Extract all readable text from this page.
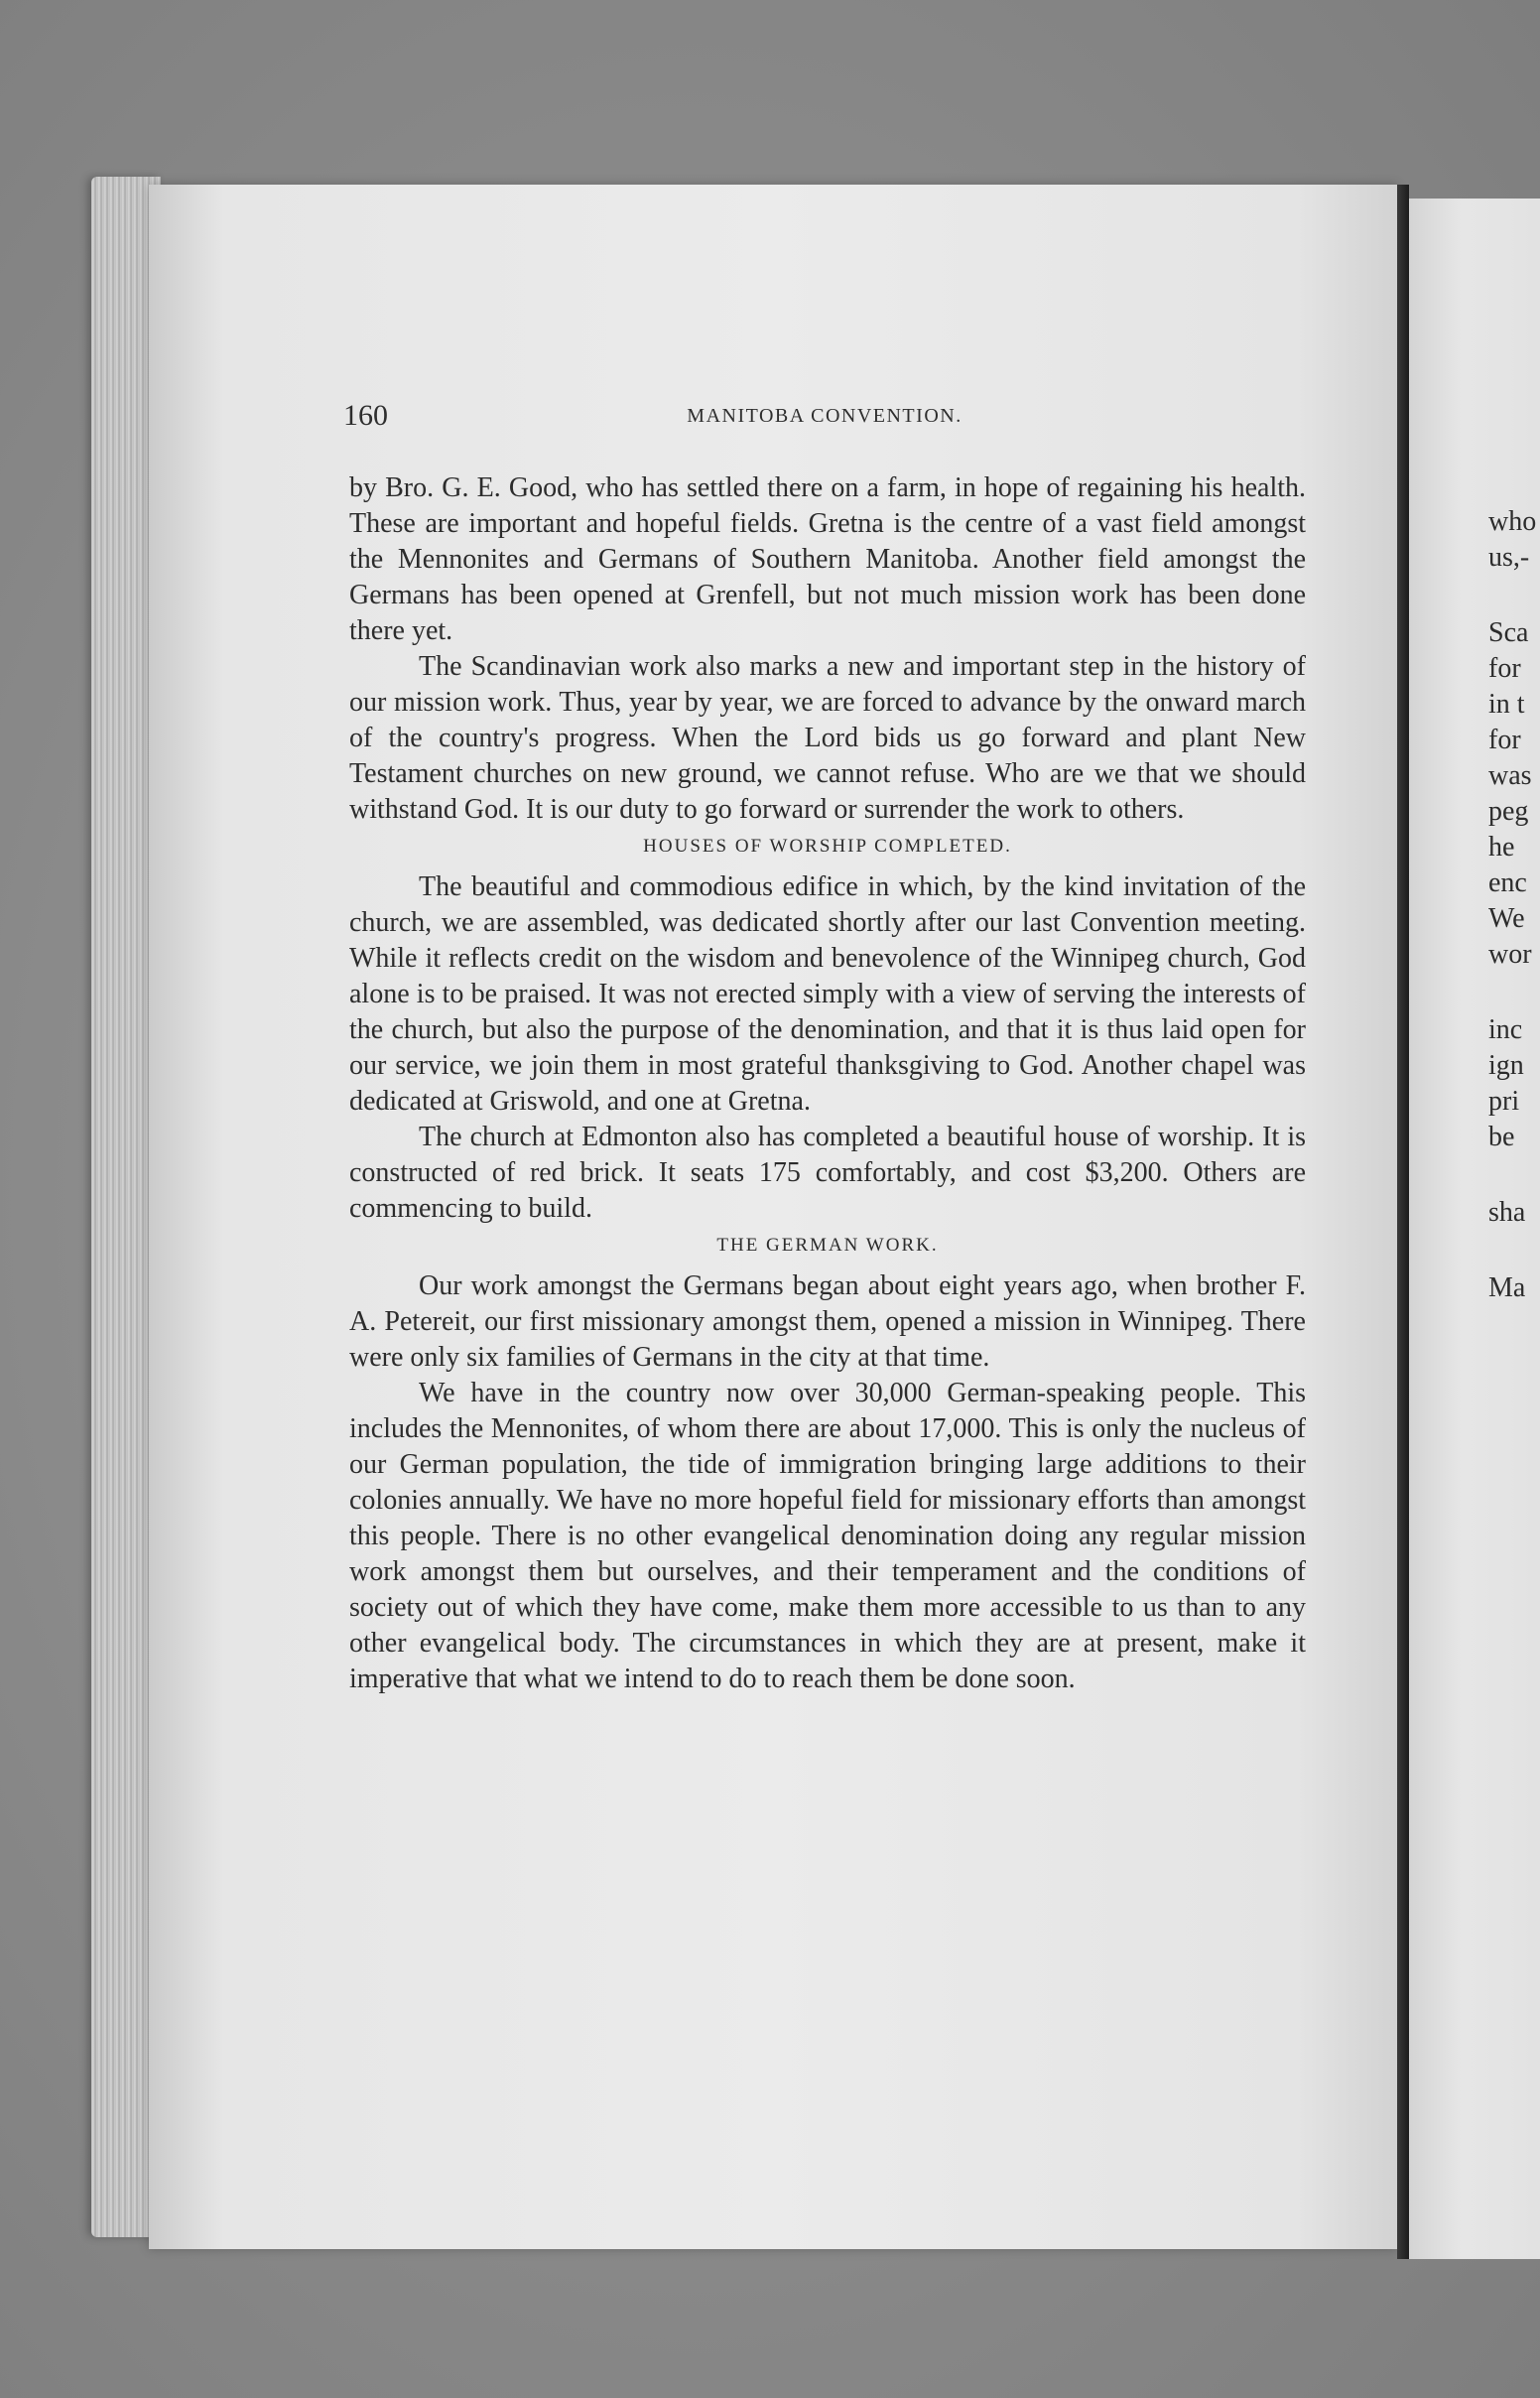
160	MANITOBA CONVENTION.

by Bro. G. E. Good, who has settled there on a farm, in hope of regaining his health. These are important and hopeful fields. Gretna is the centre of a vast field amongst the Mennonites and Germans of Southern Manitoba. Another field amongst the Germans has been opened at Grenfell, but not much mission work has been done there yet.

The Scandinavian work also marks a new and important step in the history of our mission work. Thus, year by year, we are forced to advance by the onward march of the country's progress. When the Lord bids us go forward and plant New Testament churches on new ground, we cannot refuse. Who are we that we should withstand God. It is our duty to go forward or surrender the work to others.

HOUSES OF WORSHIP COMPLETED.

The beautiful and commodious edifice in which, by the kind invitation of the church, we are assembled, was dedicated shortly after our last Convention meeting. While it reflects credit on the wisdom and benevolence of the Winnipeg church, God alone is to be praised. It was not erected simply with a view of serving the interests of the church, but also the purpose of the denomination, and that it is thus laid open for our service, we join them in most grateful thanksgiving to God. Another chapel was dedicated at Griswold, and one at Gretna.

The church at Edmonton also has completed a beautiful house of worship. It is constructed of red brick. It seats 175 comfortably, and cost $3,200. Others are commencing to build.

THE GERMAN WORK.

Our work amongst the Germans began about eight years ago, when brother F. A. Petereit, our first missionary amongst them, opened a mission in Winnipeg. There were only six families of Germans in the city at that time.

We have in the country now over 30,000 German-speaking people. This includes the Mennonites, of whom there are about 17,000. This is only the nucleus of our German population, the tide of immigration bringing large additions to their colonies annually. We have no more hopeful field for missionary efforts than amongst this people. There is no other evangelical denomination doing any regular mission work amongst them but ourselves, and their temperament and the conditions of society out of which they have come, make them more accessible to us than to any other evangelical body. The circumstances in which they are at present, make it imperative that what we intend to do to reach them be done soon.

who
us,-
Sca
for
in t
for
was
peg
he
enc
We
wor
inc
ign
pri
be
sha
Ma
